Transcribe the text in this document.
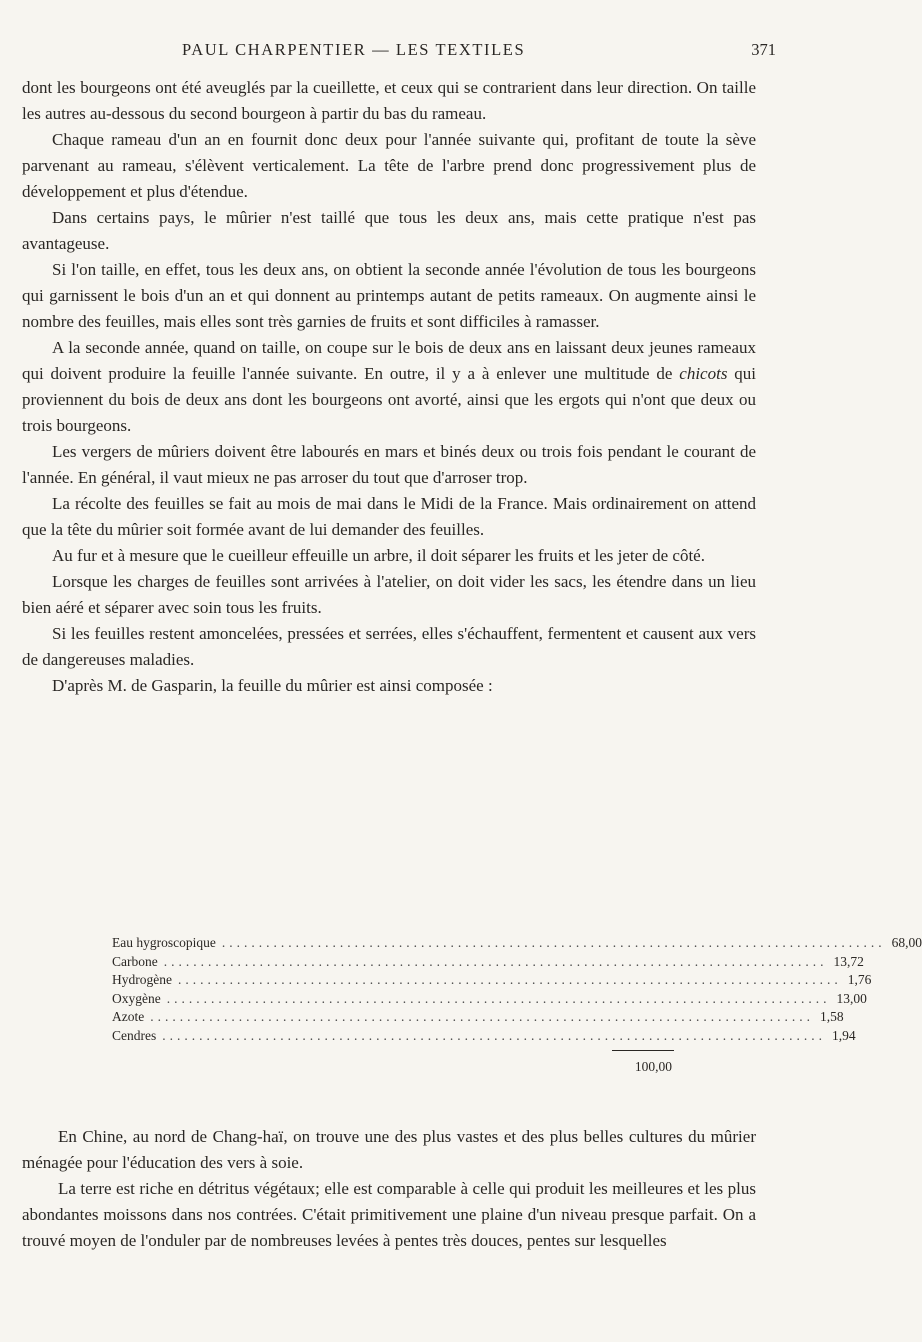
PAUL CHARPENTIER — LES TEXTILES	371

dont les bourgeons ont été aveuglés par la cueillette, et ceux qui se contrarient dans leur direction. On taille les autres au-dessous du second bourgeon à partir du bas du rameau.

Chaque rameau d'un an en fournit donc deux pour l'année suivante qui, profitant de toute la sève parvenant au rameau, s'élèvent verticalement. La tête de l'arbre prend donc progressivement plus de développement et plus d'étendue.

Dans certains pays, le mûrier n'est taillé que tous les deux ans, mais cette pratique n'est pas avantageuse.

Si l'on taille, en effet, tous les deux ans, on obtient la seconde année l'évolution de tous les bourgeons qui garnissent le bois d'un an et qui donnent au printemps autant de petits rameaux. On augmente ainsi le nombre des feuilles, mais elles sont très garnies de fruits et sont difficiles à ramasser.

A la seconde année, quand on taille, on coupe sur le bois de deux ans en laissant deux jeunes rameaux qui doivent produire la feuille l'année suivante. En outre, il y a à enlever une multitude de chicots qui proviennent du bois de deux ans dont les bourgeons ont avorté, ainsi que les ergots qui n'ont que deux ou trois bourgeons.

Les vergers de mûriers doivent être labourés en mars et binés deux ou trois fois pendant le courant de l'année. En général, il vaut mieux ne pas arroser du tout que d'arroser trop.

La récolte des feuilles se fait au mois de mai dans le Midi de la France. Mais ordinairement on attend que la tête du mûrier soit formée avant de lui demander des feuilles.

Au fur et à mesure que le cueilleur effeuille un arbre, il doit séparer les fruits et les jeter de côté.

Lorsque les charges de feuilles sont arrivées à l'atelier, on doit vider les sacs, les étendre dans un lieu bien aéré et séparer avec soin tous les fruits.

Si les feuilles restent amoncelées, pressées et serrées, elles s'échauffent, fermentent et causent aux vers de dangereuses maladies.

D'après M. de Gasparin, la feuille du mûrier est ainsi composée :

Eau hygroscopique .......................................................................................... 68,00
Carbone .......................................................................................... 13,72
Hydrogène .......................................................................................... 1,76
Oxygène .......................................................................................... 13,00
Azote .......................................................................................... 1,58
Cendres .......................................................................................... 1,94
100,00

En Chine, au nord de Chang-haï, on trouve une des plus vastes et des plus belles cultures du mûrier ménagée pour l'éducation des vers à soie.

La terre est riche en détritus végétaux; elle est comparable à celle qui produit les meilleures et les plus abondantes moissons dans nos contrées. C'était primitivement une plaine d'un niveau presque parfait. On a trouvé moyen de l'onduler par de nombreuses levées à pentes très douces, pentes sur lesquelles
